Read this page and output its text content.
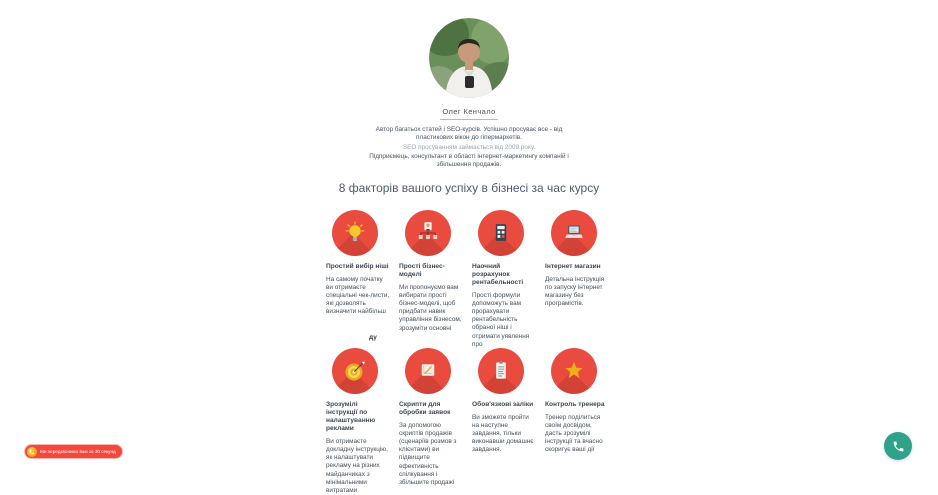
Олег Кенчало

Автор багатьох статей і SEO-курсів. Успішно просуває все - від пластикових вікон до гіпермаркетів.

SEO просуванням займається від 2009 року.

Підприємець, консультант в області інтернет-маркетингу компаній і збільшення продажів.

8 факторів вашого успіху в бізнесі за час курсу
Простий вибір ніші

На самому початку ви отримаєте спеціальні чек-листи, які дозволять визначити найбільш

Прості бізнес-моделі

Ми пропонуємо вам вибирати прості бізнес-моделі, щоб придбати навик управління бізнесом, зрозуміти основні

Наочний розрахунок рентабельності

Прості формули допоможуть вам прорахувати рентабельність обраної ніші і отримати уявлення про

Інтернет магазин

Детальна інструкція по запуску інтернет магазину без програмістів.

Зрозумілі інструкції по налаштуванню реклами

Ви отримаєте докладну інструкцію, як налаштувати рекламу на різних майданчиках з мінімальними витратами

Скрипти для обробки заявок

За допомогою скриптів продажів (сценаріїв розмов з клієнтами) ви підвищите ефективність спілкування і збільшите продажі

Обов'язкові заліки

Ви зможете пройти на наступне завдання, тільки виконавши домашнє завдання.

Контроль тренера

Тренер поділиться своїм досвідом, дасть зрозумілі інструкції та вчасно скоригує ваші дії

ду
Ми передзвонимо вам за 30 секунд
